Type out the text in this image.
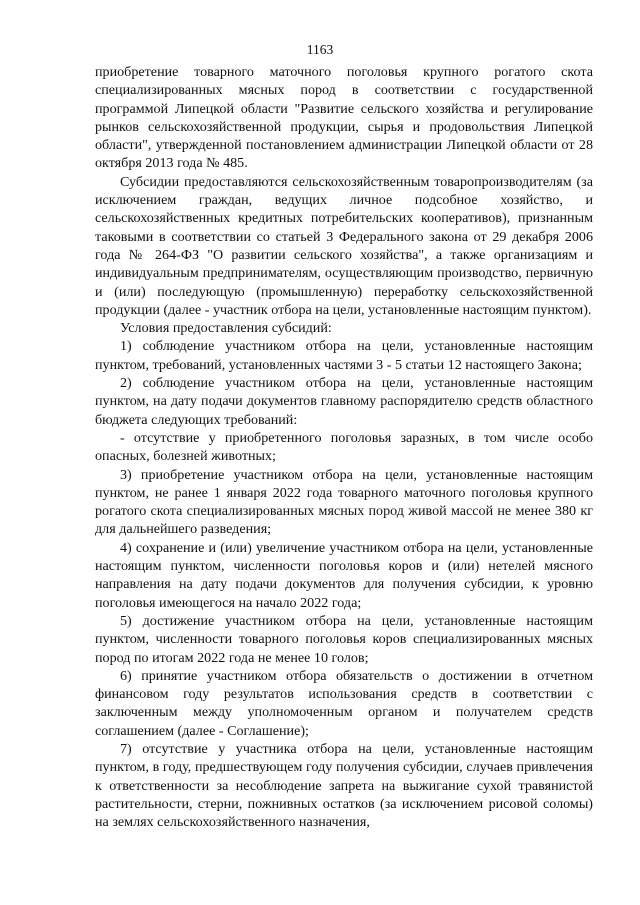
1163

приобретение товарного маточного поголовья крупного рогатого скота специализированных мясных пород в соответствии с государственной программой Липецкой области "Развитие сельского хозяйства и регулирование рынков сельскохозяйственной продукции, сырья и продовольствия Липецкой области", утвержденной постановлением администрации Липецкой области от 28 октября 2013 года № 485.

Субсидии предоставляются сельскохозяйственным товаропроизводителям (за исключением граждан, ведущих личное подсобное хозяйство, и сельскохозяйственных кредитных потребительских кооперативов), признанным таковыми в соответствии со статьей 3 Федерального закона от 29 декабря 2006 года № 264-ФЗ "О развитии сельского хозяйства", а также организациям и индивидуальным предпринимателям, осуществляющим производство, первичную и (или) последующую (промышленную) переработку сельскохозяйственной продукции (далее - участник отбора на цели, установленные настоящим пунктом).

Условия предоставления субсидий:

1) соблюдение участником отбора на цели, установленные настоящим пунктом, требований, установленных частями 3 - 5 статьи 12 настоящего Закона;

2) соблюдение участником отбора на цели, установленные настоящим пунктом, на дату подачи документов главному распорядителю средств областного бюджета следующих требований:

- отсутствие у приобретенного поголовья заразных, в том числе особо опасных, болезней животных;

3) приобретение участником отбора на цели, установленные настоящим пунктом, не ранее 1 января 2022 года товарного маточного поголовья крупного рогатого скота специализированных мясных пород живой массой не менее 380 кг для дальнейшего разведения;

4) сохранение и (или) увеличение участником отбора на цели, установленные настоящим пунктом, численности поголовья коров и (или) нетелей мясного направления на дату подачи документов для получения субсидии, к уровню поголовья имеющегося на начало 2022 года;

5) достижение участником отбора на цели, установленные настоящим пунктом, численности товарного поголовья коров специализированных мясных пород по итогам 2022 года не менее 10 голов;

6) принятие участником отбора обязательств о достижении в отчетном финансовом году результатов использования средств в соответствии с заключенным между уполномоченным органом и получателем средств соглашением (далее - Соглашение);

7) отсутствие у участника отбора на цели, установленные настоящим пунктом, в году, предшествующем году получения субсидии, случаев привлечения к ответственности за несоблюдение запрета на выжигание сухой травянистой растительности, стерни, пожнивных остатков (за исключением рисовой соломы) на землях сельскохозяйственного назначения,
